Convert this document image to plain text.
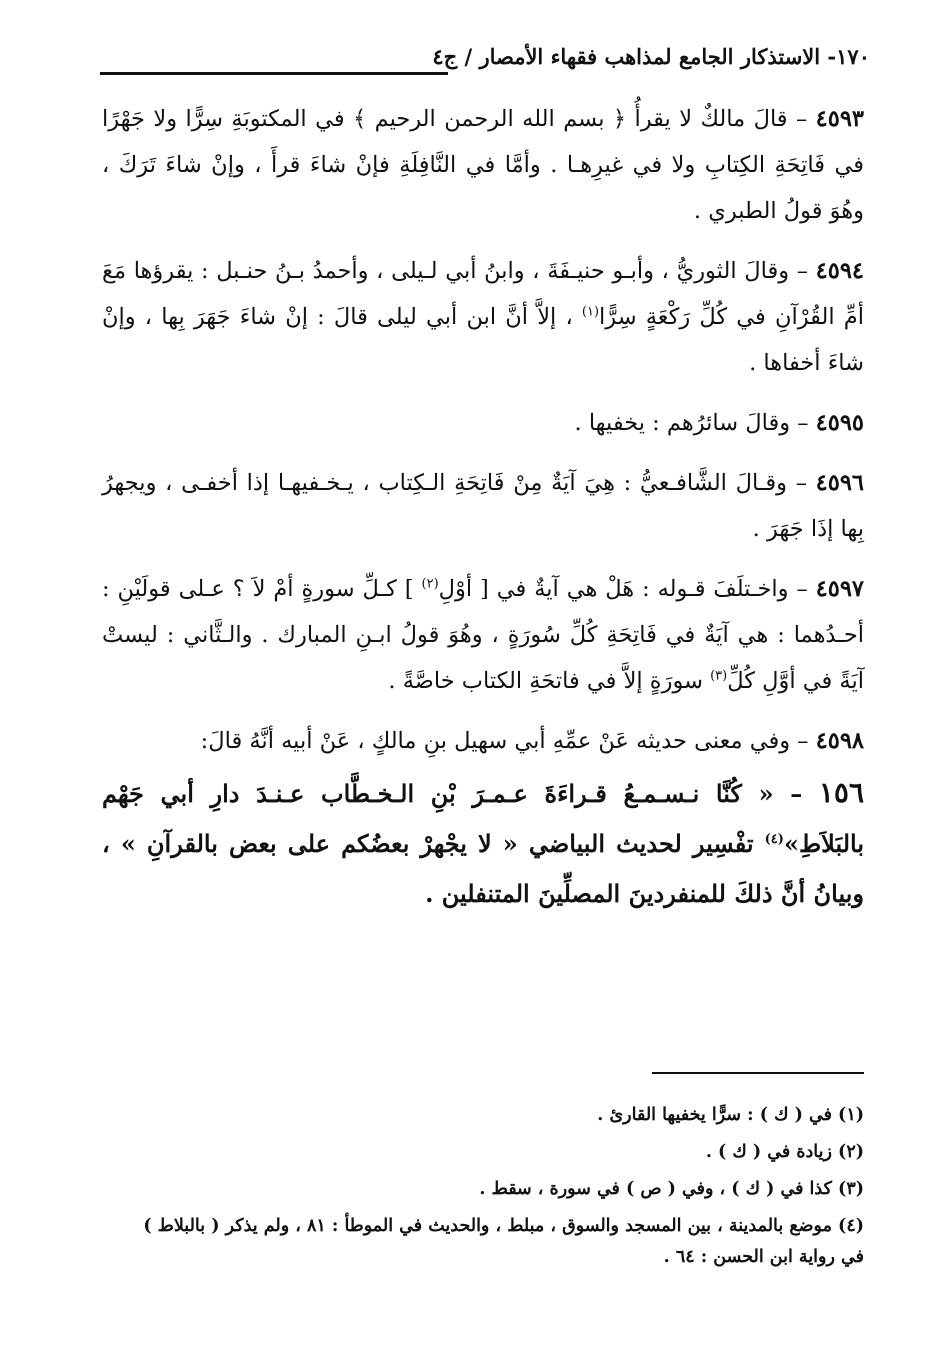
١٧٠- الاستذكار الجامع لمذاهب فقهاء الأمصار / ج٤

٤٥٩٣ – قالَ مالكٌ لا يقرأُ ﴿ بسم الله الرحمن الرحيم ﴾ في المكتوبَةِ سِرًّا ولا جَهْرًا في فَاتِحَةِ الكِتابِ ولا في غيرِهـا . وأمَّا في النَّافِلَةِ فإنْ شاءَ قرأَ ، وإنْ شاءَ تَرَكَ ، وهُوَ قولُ الطبري .

٤٥٩٤ – وقالَ الثوريُّ ، وأبـو حنيـفَةَ ، وابنُ أبي لـيلى ، وأحمدُ بـنُ حنـبل : يقرؤها مَعَ أمِّ القُرْآنِ في كُلِّ رَكْعَةٍ سِرًّا$^{(١)}$ ، إلاَّ أنَّ ابن أبي ليلى قالَ : إنْ شاءَ جَهَرَ بِها ، وإنْ شاءَ أخفاها .

٤٥٩٥ – وقالَ سائرُهم : يخفيها .

٤٥٩٦ – وقـالَ الشَّافـعيُّ : هِيَ آيَةٌ مِنْ فَاتِحَةِ الـكِتاب ، يـخـفيهـا إذا أخفـى ، ويجهرُ بِها إذَا جَهَرَ .

٤٥٩٧ – واخـتلَفَ قـوله : هَلْ هي آيةٌ في [ أوْلِ$^{(٢)}$ ] كـلِّ سورةٍ أمْ لاَ ؟ عـلى قولَيْنِ : أحـدُهما : هي آيَةٌ في فَاتِحَةِ كُلِّ سُورَةٍ ، وهُوَ قولُ ابـنِ المبارك . والـثَّاني : ليستْ آيَةً في أوَّلِ كُلِّ$^{(٣)}$ سورَةٍ إلاَّ في فاتحَةِ الكتاب خاصَّةً .

٤٥٩٨ – وفي معنى حديثه عَنْ عمِّهِ أبي سهيل بنِ مالكٍ ، عَنْ أبيه أنَّهُ قالَ:

١٥٦ – « كُنَّا نـسـمـعُ قـراءَةَ عـمـرَ بْنِ الـخـطَّاب عـنـدَ دارِ أبي جَهْم بالبَلاَطِ»$^{(٤)}$ تفْسِير لحديث البياضي « لا يجْهرْ بعضُكم على بعض بالقرآنِ » ، وبيانُ أنَّ ذلكَ للمنفردينَ المصلِّينَ المتنفلين .

(١) في ( ك ) : سرًّا يخفيها القارئ .

(٢) زيادة في ( ك ) .

(٣) كذا في ( ك ) ، وفي ( ص ) في سورة ، سقط .

(٤) موضع بالمدينة ، بين المسجد والسوق ، مبلط ، والحديث في الموطأ : ٨١ ، ولم يذكر ( بالبلاط )

في رواية ابن الحسن : ٦٤ .
